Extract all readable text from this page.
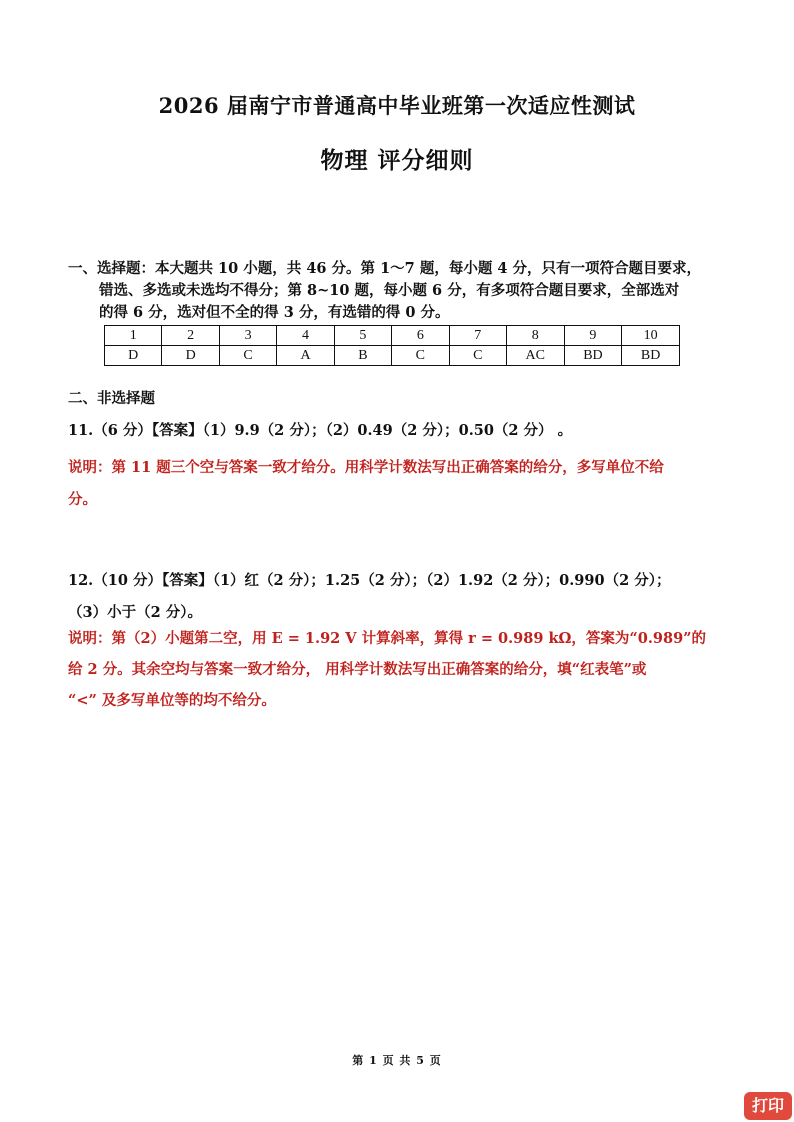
2026 届南宁市普通高中毕业班第一次适应性测试
物理 评分细则
一、选择题：本大题共 10 小题，共 46 分。第 1～7 题，每小题 4 分，只有一项符合题目要求，

错选、多选或未选均不得分；第 8~10 题，每小题 6 分，有多项符合题目要求，全部选对
的得 6 分，选对但不全的得 3 分，有选错的得 0 分。
1	2	3	4	5	6	7	8	9	10
D	D	C	A	B	C	C	AC	BD	BD
二、非选择题
11.（6 分）【答案】（1）9.9（2 分）；（2）0.49（2 分）；0.50（2 分） 。
说明：第 11 题三个空与答案一致才给分。用科学计数法写出正确答案的给分，多写单位不给
分。
12.（10 分）【答案】（1）红（2 分）；1.25（2 分）；（2）1.92（2 分）；0.990（2 分）；
（3）小于（2 分）。
说明：第（2）小题第二空，用 E = 1.92 V 计算斜率，算得 r = 0.989 kΩ，答案为“0.989”的
给 2 分。其余空均与答案一致才给分， 用科学计数法写出正确答案的给分，填“红表笔”或
“<” 及多写单位等的均不给分。
第 1 页 共 5 页
打印
